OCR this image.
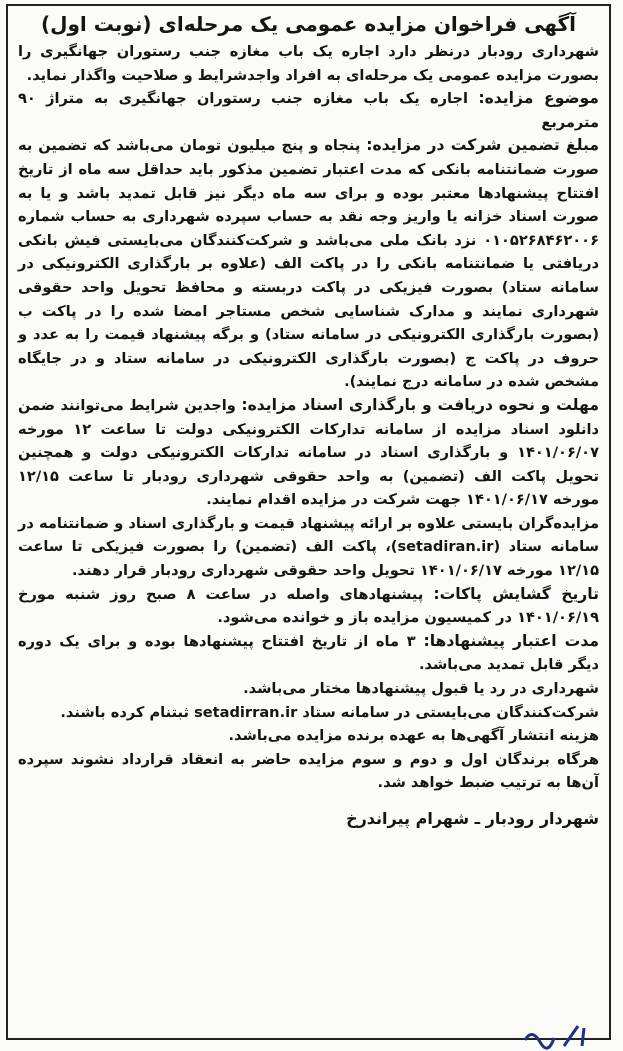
آگهی فراخوان مزایده عمومی یک مرحله‌ای (نوبت اول)

شهرداری رودبار درنظر دارد اجاره یک باب مغازه جنب رستوران جهانگیری را بصورت مزایده عمومی یک مرحله‌ای به افراد واجدشرایط و صلاحیت واگذار نماید.

موضوع مزایده: اجاره یک باب مغازه جنب رستوران جهانگیری به متراژ ۹۰ مترمربع

مبلغ تضمین شرکت در مزایده: پنجاه و پنج میلیون تومان می‌باشد که تضمین به صورت ضمانتنامه بانکی که مدت اعتبار تضمین مذکور باید حداقل سه ماه از تاریخ افتتاح پیشنهادها معتبر بوده و برای سه ماه دیگر نیز قابل تمدید باشد و یا به صورت اسناد خزانه یا واریز وجه نقد به حساب سپرده شهرداری به حساب شماره ۰۱۰۵۲۶۸۴۶۲۰۰۶ نزد بانک ملی می‌باشد و شرکت‌کنندگان می‌بایستی فیش بانکی دریافتی یا ضمانتنامه بانکی را در پاکت الف (علاوه بر بارگذاری الکترونیکی در سامانه ستاد) بصورت فیزیکی در پاکت دربسته و محافظ تحویل واحد حقوقی شهرداری نمایند و مدارک شناسایی شخص مستاجر امضا شده را در پاکت ب (بصورت بارگذاری الکترونیکی در سامانه ستاد) و برگه پیشنهاد قیمت را به عدد و حروف در پاکت ج (بصورت بارگذاری الکترونیکی در سامانه ستاد و در جایگاه مشخص شده در سامانه درج نمایند).

مهلت و نحوه دریافت و بارگذاری اسناد مزایده: واجدین شرایط می‌توانند ضمن دانلود اسناد مزایده از سامانه تدارکات الکترونیکی دولت تا ساعت ۱۲ مورخه ۱۴۰۱/۰۶/۰۷ و بارگذاری اسناد در سامانه تدارکات الکترونیکی دولت و همچنین تحویل پاکت الف (تضمین) به واحد حقوقی شهرداری رودبار تا ساعت ۱۲/۱۵ مورخه ۱۴۰۱/۰۶/۱۷ جهت شرکت در مزایده اقدام نمایند.

مزایده‌گران بایستی علاوه بر ارائه پیشنهاد قیمت و بارگذاری اسناد و ضمانتنامه در سامانه ستاد (setadiran.ir)، پاکت الف (تضمین) را بصورت فیزیکی تا ساعت ۱۲/۱۵ مورخه ۱۴۰۱/۰۶/۱۷ تحویل واحد حقوقی شهرداری رودبار قرار دهند.

تاریخ گشایش پاکات: پیشنهادهای واصله در ساعت ۸ صبح روز شنبه مورخ ۱۴۰۱/۰۶/۱۹ در کمیسیون مزایده باز و خوانده می‌شود.

مدت اعتبار پیشنهادها: ۳ ماه از تاریخ افتتاح پیشنهادها بوده و برای یک دوره دیگر قابل تمدید می‌باشد.

شهرداری در رد یا قبول پیشنهادها مختار می‌باشد.

شرکت‌کنندگان می‌بایستی در سامانه ستاد setadirran.ir ثبتنام کرده باشند.

هزینه انتشار آگهی‌ها به عهده برنده مزایده می‌باشد.

هرگاه برندگان اول و دوم و سوم مزایده حاضر به انعقاد قرارداد نشوند سپرده آن‌ها به ترتیب ضبط خواهد شد.

شهردار رودبار ـ شهرام پیراندرخ
